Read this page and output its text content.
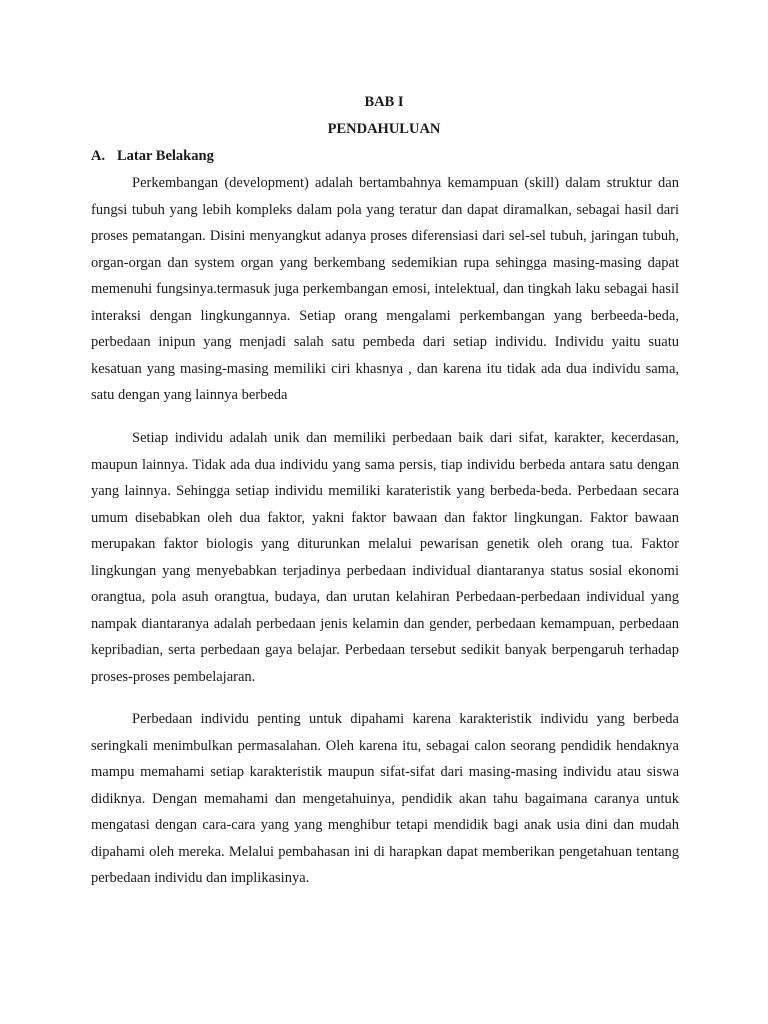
BAB I
PENDAHULUAN
A. Latar Belakang

Perkembangan (development) adalah bertambahnya kemampuan (skill) dalam struktur dan fungsi tubuh yang lebih kompleks dalam pola yang teratur dan dapat diramalkan, sebagai hasil dari proses pematangan. Disini menyangkut adanya proses diferensiasi dari sel-sel tubuh, jaringan tubuh, organ-organ dan system organ yang berkembang sedemikian rupa sehingga masing-masing dapat memenuhi fungsinya.termasuk juga perkembangan emosi, intelektual, dan tingkah laku sebagai hasil interaksi dengan lingkungannya. Setiap orang mengalami perkembangan yang berbeeda-beda, perbedaan inipun yang menjadi salah satu pembeda dari setiap individu. Individu yaitu suatu kesatuan yang masing-masing memiliki ciri khasnya , dan karena itu tidak ada dua individu sama, satu dengan yang lainnya berbeda

Setiap individu adalah unik dan memiliki perbedaan baik dari sifat, karakter, kecerdasan, maupun lainnya. Tidak ada dua individu yang sama persis, tiap individu berbeda antara satu dengan yang lainnya. Sehingga setiap individu memiliki karateristik yang berbeda-beda. Perbedaan secara umum disebabkan oleh dua faktor, yakni faktor bawaan dan faktor lingkungan. Faktor bawaan merupakan faktor biologis yang diturunkan melalui pewarisan genetik oleh orang tua. Faktor lingkungan yang menyebabkan terjadinya perbedaan individual diantaranya status sosial ekonomi orangtua, pola asuh orangtua, budaya, dan urutan kelahiran Perbedaan-perbedaan individual yang nampak diantaranya adalah perbedaan jenis kelamin dan gender, perbedaan kemampuan, perbedaan kepribadian, serta perbedaan gaya belajar. Perbedaan tersebut sedikit banyak berpengaruh terhadap proses-proses pembelajaran.

Perbedaan individu penting untuk dipahami karena karakteristik individu yang berbeda seringkali menimbulkan permasalahan. Oleh karena itu, sebagai calon seorang pendidik hendaknya mampu memahami setiap karakteristik maupun sifat-sifat dari masing-masing individu atau siswa didiknya. Dengan memahami dan mengetahuinya, pendidik akan tahu bagaimana caranya untuk mengatasi dengan cara-cara yang yang menghibur tetapi mendidik bagi anak usia dini dan mudah dipahami oleh mereka. Melalui pembahasan ini di harapkan dapat memberikan pengetahuan tentang perbedaan individu dan implikasinya.
